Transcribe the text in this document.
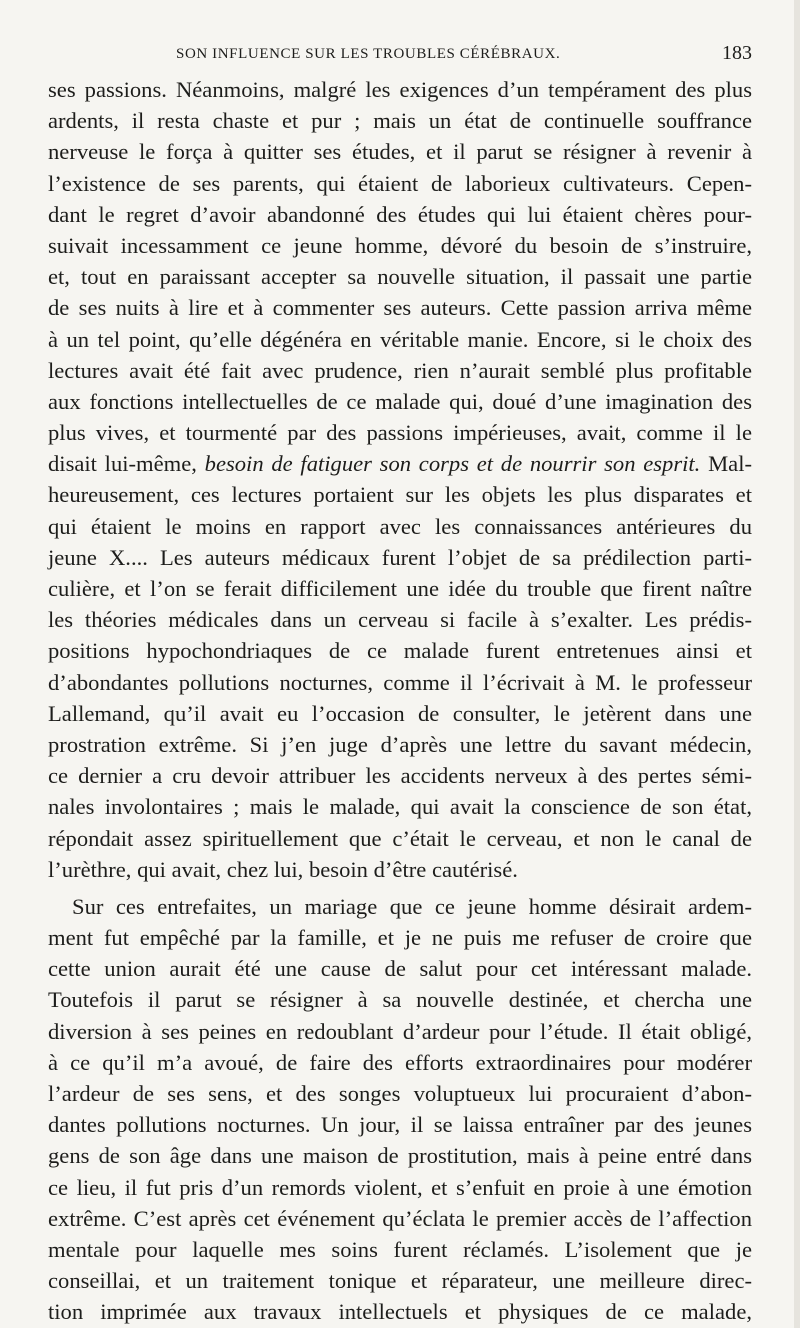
SON INFLUENCE SUR LES TROUBLES CÉRÉBRAUX.	183

ses passions. Néanmoins, malgré les exigences d’un tempérament des plus
ardents, il resta chaste et pur ; mais un état de continuelle souffrance
nerveuse le força à quitter ses études, et il parut se résigner à revenir à
l’existence de ses parents, qui étaient de laborieux cultivateurs. Cepen-
dant le regret d’avoir abandonné des études qui lui étaient chères pour-
suivait incessamment ce jeune homme, dévoré du besoin de s’instruire,
et, tout en paraissant accepter sa nouvelle situation, il passait une partie
de ses nuits à lire et à commenter ses auteurs. Cette passion arriva même
à un tel point, qu’elle dégénéra en véritable manie. Encore, si le choix des
lectures avait été fait avec prudence, rien n’aurait semblé plus profitable
aux fonctions intellectuelles de ce malade qui, doué d’une imagination des
plus vives, et tourmenté par des passions impérieuses, avait, comme il le
disait lui-même, besoin de fatiguer son corps et de nourrir son esprit. Mal-
heureusement, ces lectures portaient sur les objets les plus disparates et
qui étaient le moins en rapport avec les connaissances antérieures du
jeune X.... Les auteurs médicaux furent l’objet de sa prédilection parti-
culière, et l’on se ferait difficilement une idée du trouble que firent naître
les théories médicales dans un cerveau si facile à s’exalter. Les prédis-
positions hypochondriaques de ce malade furent entretenues ainsi et
d’abondantes pollutions nocturnes, comme il l’écrivait à M. le professeur
Lallemand, qu’il avait eu l’occasion de consulter, le jetèrent dans une
prostration extrême. Si j’en juge d’après une lettre du savant médecin,
ce dernier a cru devoir attribuer les accidents nerveux à des pertes sémi-
nales involontaires ; mais le malade, qui avait la conscience de son état,
répondait assez spirituellement que c’était le cerveau, et non le canal de
l’urèthre, qui avait, chez lui, besoin d’être cautérisé.

Sur ces entrefaites, un mariage que ce jeune homme désirait ardem-
ment fut empêché par la famille, et je ne puis me refuser de croire que
cette union aurait été une cause de salut pour cet intéressant malade.
Toutefois il parut se résigner à sa nouvelle destinée, et chercha une
diversion à ses peines en redoublant d’ardeur pour l’étude. Il était obligé,
à ce qu’il m’a avoué, de faire des efforts extraordinaires pour modérer
l’ardeur de ses sens, et des songes voluptueux lui procuraient d’abon-
dantes pollutions nocturnes. Un jour, il se laissa entraîner par des jeunes
gens de son âge dans une maison de prostitution, mais à peine entré dans
ce lieu, il fut pris d’un remords violent, et s’enfuit en proie à une émotion
extrême. C’est après cet événement qu’éclata le premier accès de l’affection
mentale pour laquelle mes soins furent réclamés. L’isolement que je
conseillai, et un traitement tonique et réparateur, une meilleure direc-
tion imprimée aux travaux intellectuels et physiques de ce malade,
